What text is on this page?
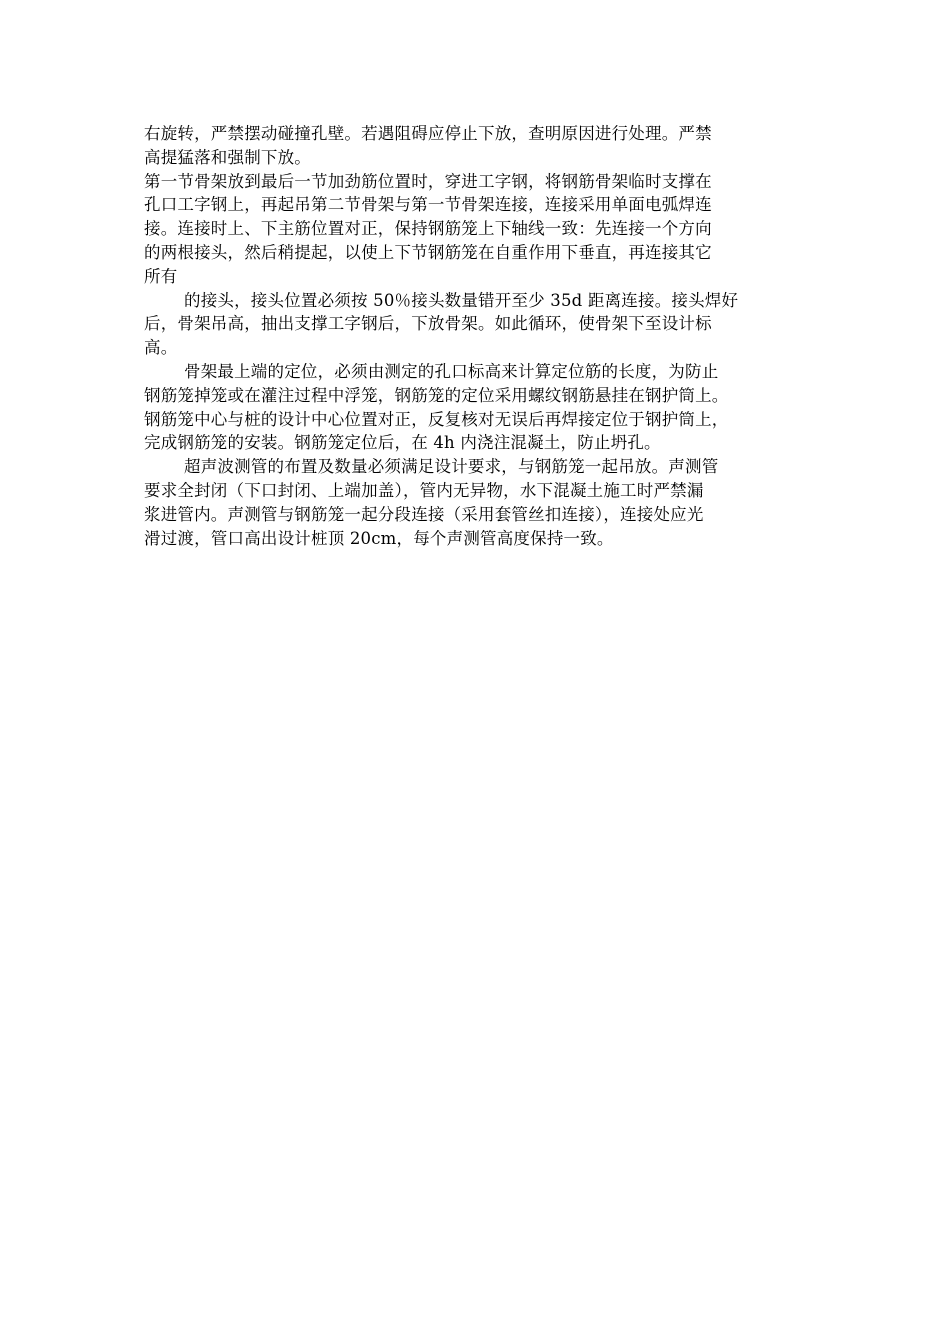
右旋转，严禁摆动碰撞孔壁。若遇阻碍应停止下放，查明原因进行处理。严禁
高提猛落和强制下放。
第一节骨架放到最后一节加劲筋位置时，穿进工字钢，将钢筋骨架临时支撑在
孔口工字钢上，再起吊第二节骨架与第一节骨架连接，连接采用单面电弧焊连
接。连接时上、下主筋位置对正，保持钢筋笼上下轴线一致：先连接一个方向
的两根接头，然后稍提起，以使上下节钢筋笼在自重作用下垂直，再连接其它
所有
的接头，接头位置必须按 50％接头数量错开至少 35d 距离连接。接头焊好
后，骨架吊高，抽出支撑工字钢后，下放骨架。如此循环，使骨架下至设计标
高。
骨架最上端的定位，必须由测定的孔口标高来计算定位筋的长度，为防止
钢筋笼掉笼或在灌注过程中浮笼，钢筋笼的定位采用螺纹钢筋悬挂在钢护筒上。
钢筋笼中心与桩的设计中心位置对正，反复核对无误后再焊接定位于钢护筒上，
完成钢筋笼的安装。钢筋笼定位后，在 4h 内浇注混凝土，防止坍孔。
超声波测管的布置及数量必须满足设计要求，与钢筋笼一起吊放。声测管
要求全封闭（下口封闭、上端加盖），管内无异物，水下混凝土施工时严禁漏
浆进管内。声测管与钢筋笼一起分段连接（采用套管丝扣连接），连接处应光
滑过渡，管口高出设计桩顶 20cm，每个声测管高度保持一致。
